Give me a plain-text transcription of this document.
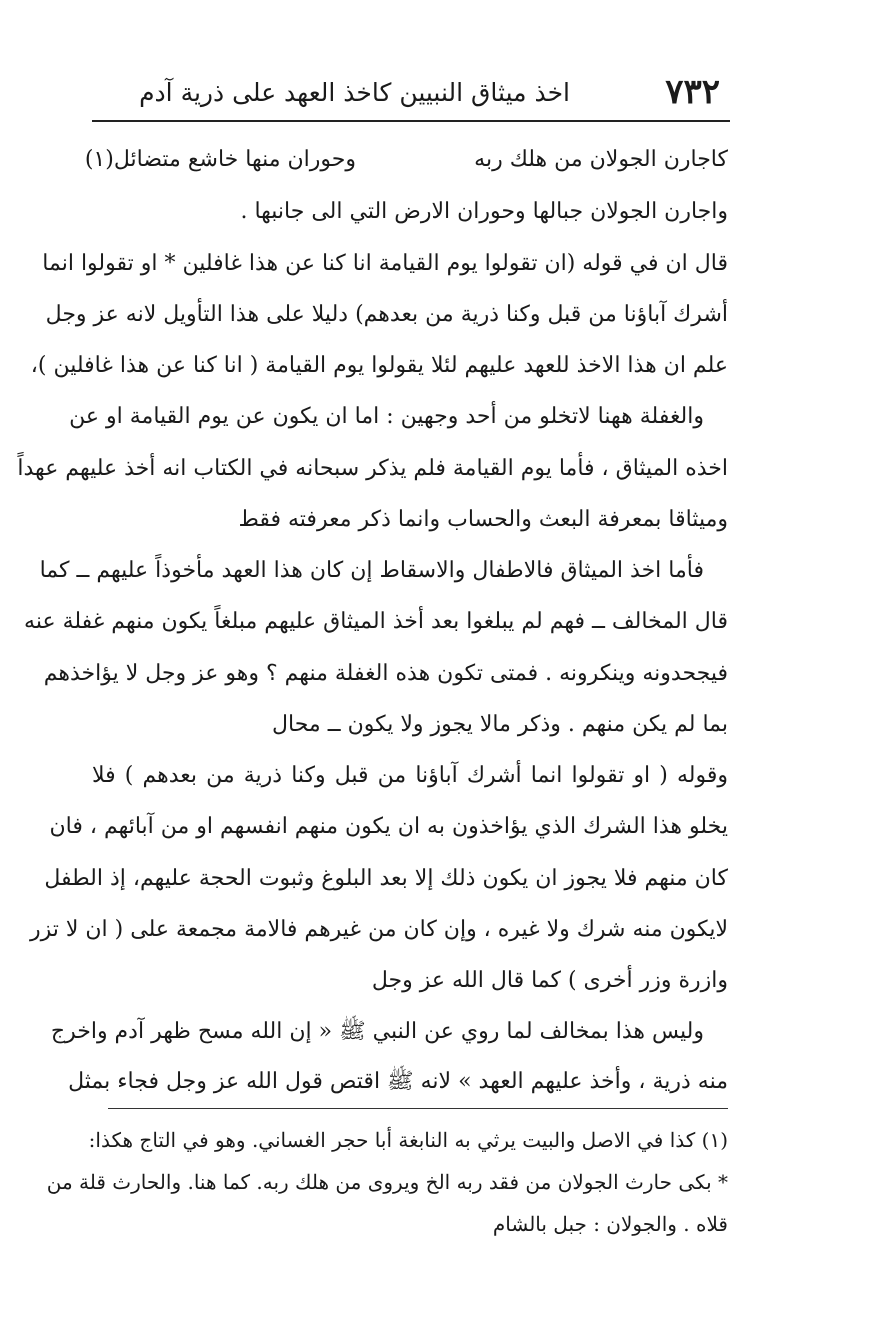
٧٣٢
اخذ ميثاق النبيين كاخذ العهد على ذرية آدم
كاجارن الجولان من هلك ربه
وحوران منها خاشع متضائل(١)
واجارن الجولان جبالها وحوران الارض التي الى جانبها .
قال ان في قوله (ان تقولوا يوم القيامة انا كنا عن هذا غافلين * او تقولوا انما
أشرك آباؤنا من قبل وكنا ذرية من بعدهم) دليلا على هذا التأويل لانه عز وجل
علم ان هذا الاخذ للعهد عليهم لئلا يقولوا يوم القيامة ( انا كنا عن هذا غافلين )،
والغفلة ههنا لاتخلو من أحد وجهين : اما ان يكون عن يوم القيامة او عن
اخذه الميثاق ، فأما يوم القيامة فلم يذكر سبحانه في الكتاب انه أخذ عليهم عهداً
وميثاقا بمعرفة البعث والحساب وانما ذكر معرفته فقط
فأما اخذ الميثاق فالاطفال والاسقاط إن كان هذا العهد مأخوذاً عليهم ــ كما
قال المخالف ــ فهم لم يبلغوا بعد أخذ الميثاق عليهم مبلغاً يكون منهم غفلة عنه
فيجحدونه وينكرونه . فمتى تكون هذه الغفلة منهم ؟ وهو عز وجل لا يؤاخذهم
بما لم يكن منهم . وذكر مالا يجوز ولا يكون ــ محال
وقوله ( او تقولوا انما أشرك آباؤنا من قبل وكنا ذرية من بعدهم ) فلا
يخلو هذا الشرك الذي يؤاخذون به ان يكون منهم انفسهم او من آبائهم ، فان
كان منهم فلا يجوز ان يكون ذلك إلا بعد البلوغ وثبوت الحجة عليهم، إذ الطفل
لايكون منه شرك ولا غيره ، وإن كان من غيرهم فالامة مجمعة على ( ان لا تزر
وازرة وزر أخرى ) كما قال الله عز وجل
وليس هذا بمخالف لما روي عن النبي ﷺ « إن الله مسح ظهر آدم واخرج
منه ذرية ، وأخذ عليهم العهد » لانه ﷺ اقتص قول الله عز وجل فجاء بمثل
(١) كذا في الاصل والبيت يرثي به النابغة أبا حجر الغساني. وهو في التاج هكذا:
* بكى حارث الجولان من فقد ربه الخ ويروى من هلك ربه. كما هنا. والحارث قلة من
قلاه . والجولان : جبل بالشام
